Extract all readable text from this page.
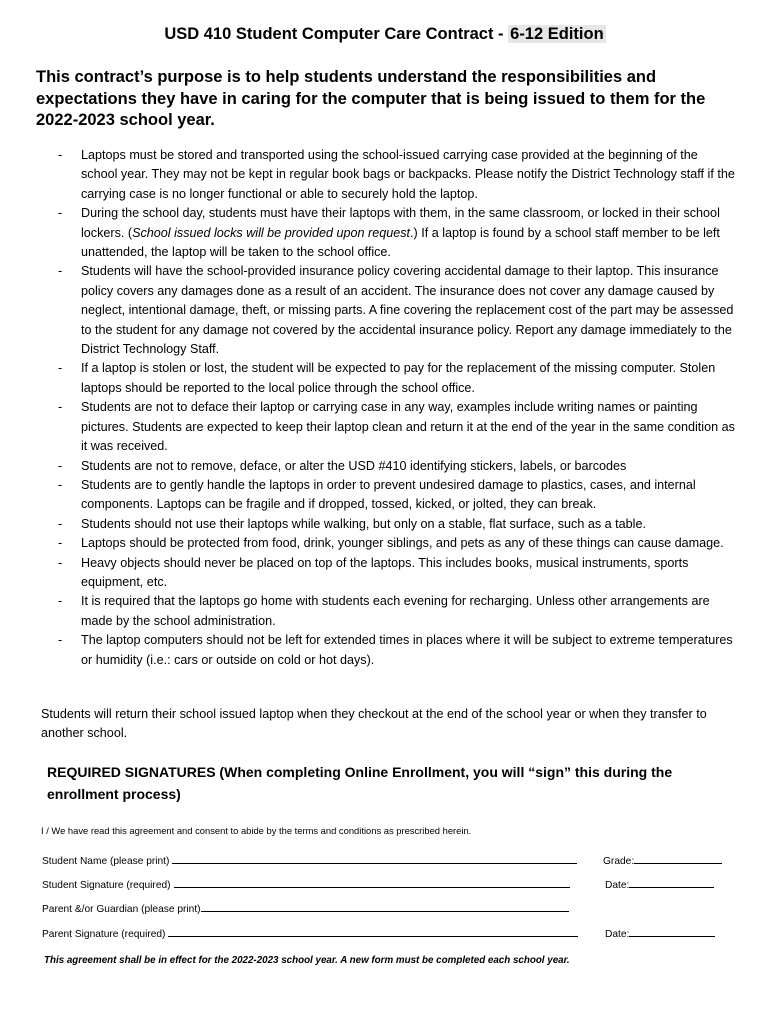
USD 410 Student Computer Care Contract - 6-12 Edition
This contract’s purpose is to help students understand the responsibilities and expectations they have in caring for the computer that is being issued to them for the 2022-2023 school year.
- Laptops must be stored and transported using the school-issued carrying case provided at the beginning of the school year. They may not be kept in regular book bags or backpacks. Please notify the District Technology staff if the carrying case is no longer functional or able to securely hold the laptop.
- During the school day, students must have their laptops with them, in the same classroom, or locked in their school lockers. (School issued locks will be provided upon request.) If a laptop is found by a school staff member to be left unattended, the laptop will be taken to the school office.
- Students will have the school-provided insurance policy covering accidental damage to their laptop. This insurance policy covers any damages done as a result of an accident. The insurance does not cover any damage caused by neglect, intentional damage, theft, or missing parts. A fine covering the replacement cost of the part may be assessed to the student for any damage not covered by the accidental insurance policy. Report any damage immediately to the District Technology Staff.
- If a laptop is stolen or lost, the student will be expected to pay for the replacement of the missing computer. Stolen laptops should be reported to the local police through the school office.
- Students are not to deface their laptop or carrying case in any way, examples include writing names or painting pictures. Students are expected to keep their laptop clean and return it at the end of the year in the same condition as it was received.
- Students are not to remove, deface, or alter the USD #410 identifying stickers, labels, or barcodes
- Students are to gently handle the laptops in order to prevent undesired damage to plastics, cases, and internal components. Laptops can be fragile and if dropped, tossed, kicked, or jolted, they can break.
- Students should not use their laptops while walking, but only on a stable, flat surface, such as a table.
- Laptops should be protected from food, drink, younger siblings, and pets as any of these things can cause damage.
- Heavy objects should never be placed on top of the laptops. This includes books, musical instruments, sports equipment, etc.
- It is required that the laptops go home with students each evening for recharging. Unless other arrangements are made by the school administration.
- The laptop computers should not be left for extended times in places where it will be subject to extreme temperatures or humidity (i.e.: cars or outside on cold or hot days).
Students will return their school issued laptop when they checkout at the end of the school year or when they transfer to another school.
REQUIRED SIGNATURES (When completing Online Enrollment, you will “sign” this during the enrollment process)
I / We have read this agreement and consent to abide by the terms and conditions as prescribed herein.
Student Name (please print)	Grade:
Student Signature (required)	Date:
Parent &/or Guardian (please print)
Parent Signature (required)	Date:
This agreement shall be in effect for the 2022-2023 school year. A new form must be completed each school year.
